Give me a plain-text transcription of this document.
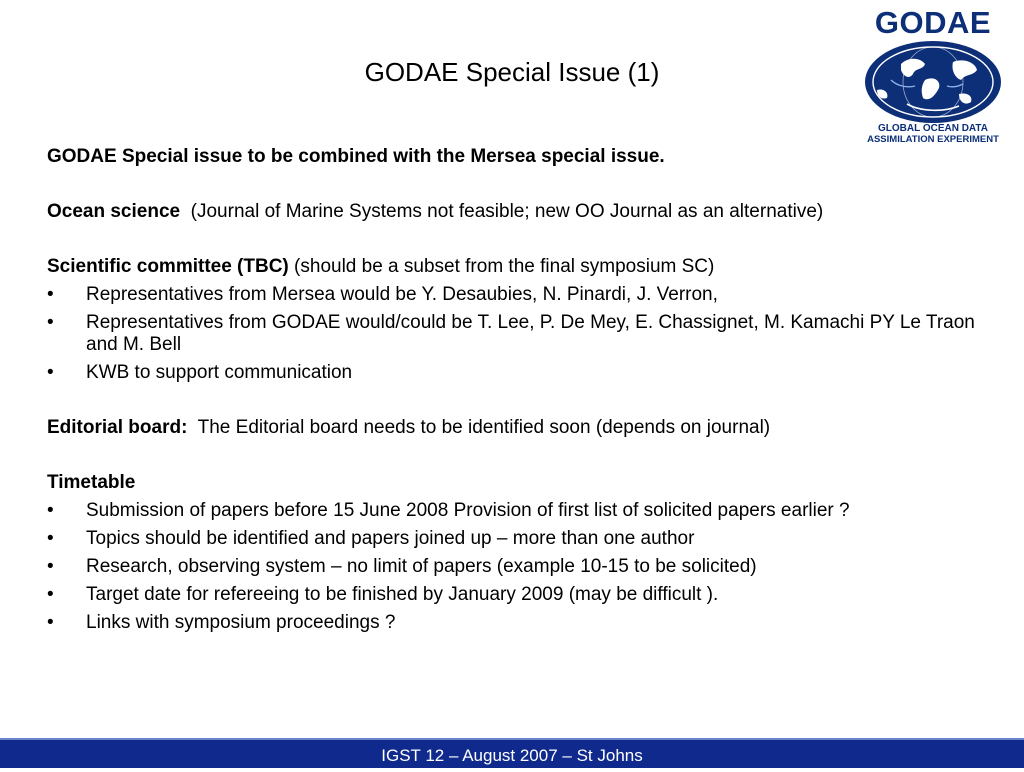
GODAE Special Issue (1)
GODAE
GLOBAL OCEAN DATA
ASSIMILATION EXPERIMENT

GODAE Special issue to be combined with the Mersea special issue.

Ocean science (Journal of Marine Systems not feasible; new OO Journal as an alternative)

Scientific committee (TBC) (should be a subset from the final symposium SC)

• Representatives from Mersea would be Y. Desaubies, N. Pinardi, J. Verron,
• Representatives from GODAE would/could be T. Lee, P. De Mey, E. Chassignet, M. Kamachi PY Le Traon and M. Bell
• KWB to support communication

Editorial board: The Editorial board needs to be identified soon (depends on journal)

Timetable

• Submission of papers before 15 June 2008 Provision of first list of solicited papers earlier ?
• Topics should be identified and papers joined up – more than one author
• Research, observing system – no limit of papers (example 10-15 to be solicited)
• Target date for refereeing to be finished by January 2009 (may be difficult ).
• Links with symposium proceedings ?
IGST 12 – August 2007 – St Johns
